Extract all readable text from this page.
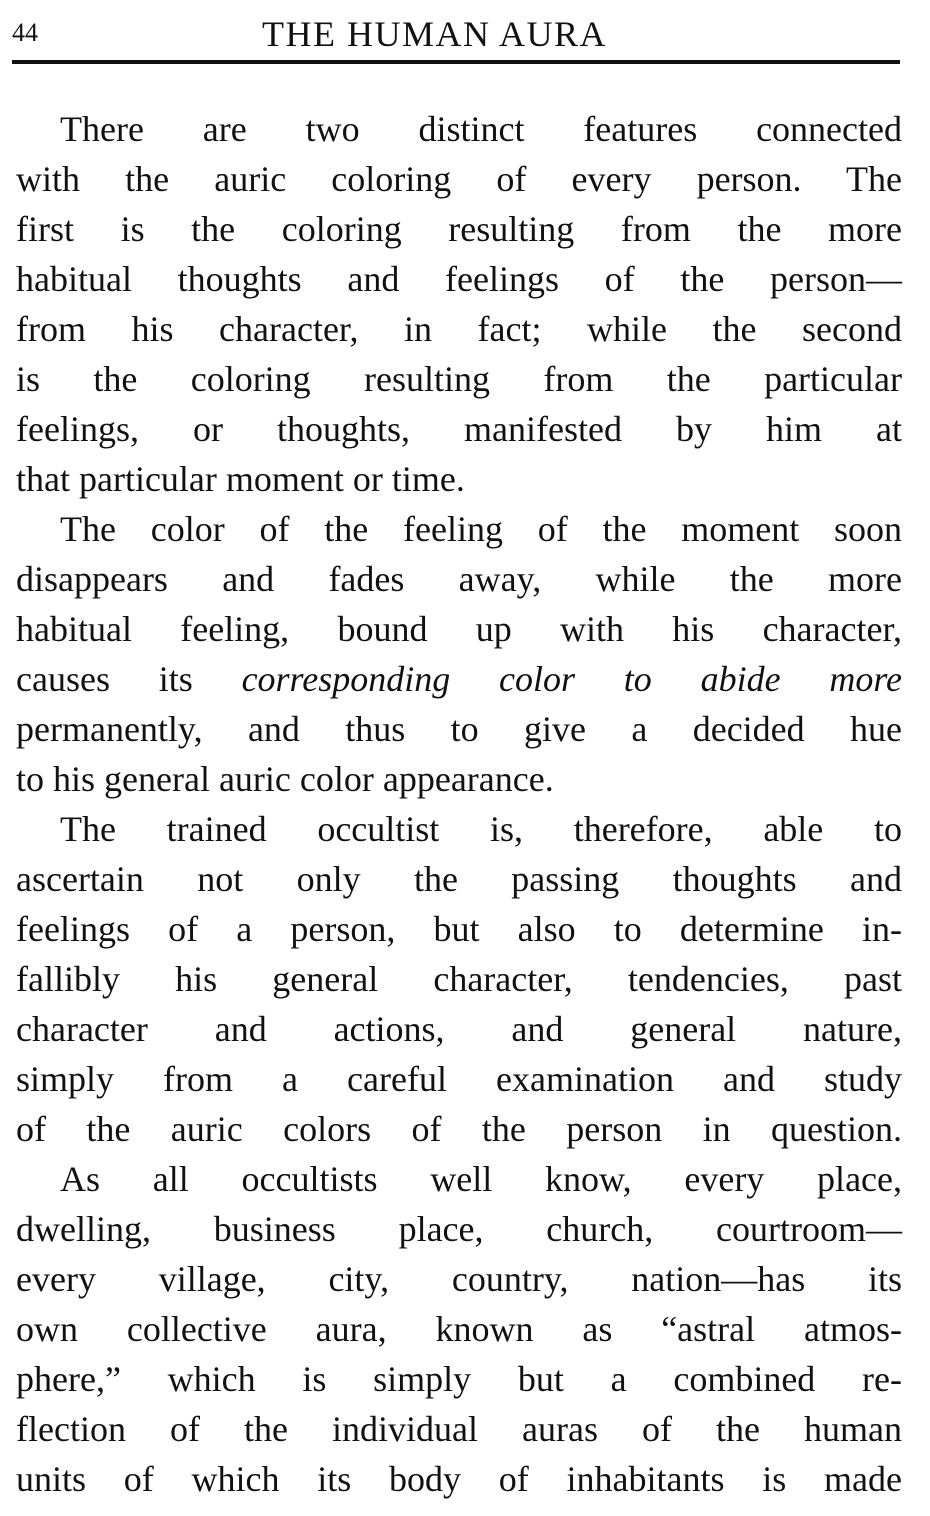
44	THE HUMAN AURA
There are two distinct features connected
with the auric coloring of every person. The
first is the coloring resulting from the more
habitual thoughts and feelings of the person—
from his character, in fact; while the second
is the coloring resulting from the particular
feelings, or thoughts, manifested by him at
that particular moment or time.
The color of the feeling of the moment soon
disappears and fades away, while the more
habitual feeling, bound up with his character,
causes its corresponding color to abide more
permanently, and thus to give a decided hue
to his general auric color appearance.
The trained occultist is, therefore, able to
ascertain not only the passing thoughts and
feelings of a person, but also to determine in-
fallibly his general character, tendencies, past
character and actions, and general nature,
simply from a careful examination and study
of the auric colors of the person in question.
As all occultists well know, every place,
dwelling, business place, church, courtroom—
every village, city, country, nation—has its
own collective aura, known as “astral atmos-
phere,” which is simply but a combined re-
flection of the individual auras of the human
units of which its body of inhabitants is made
